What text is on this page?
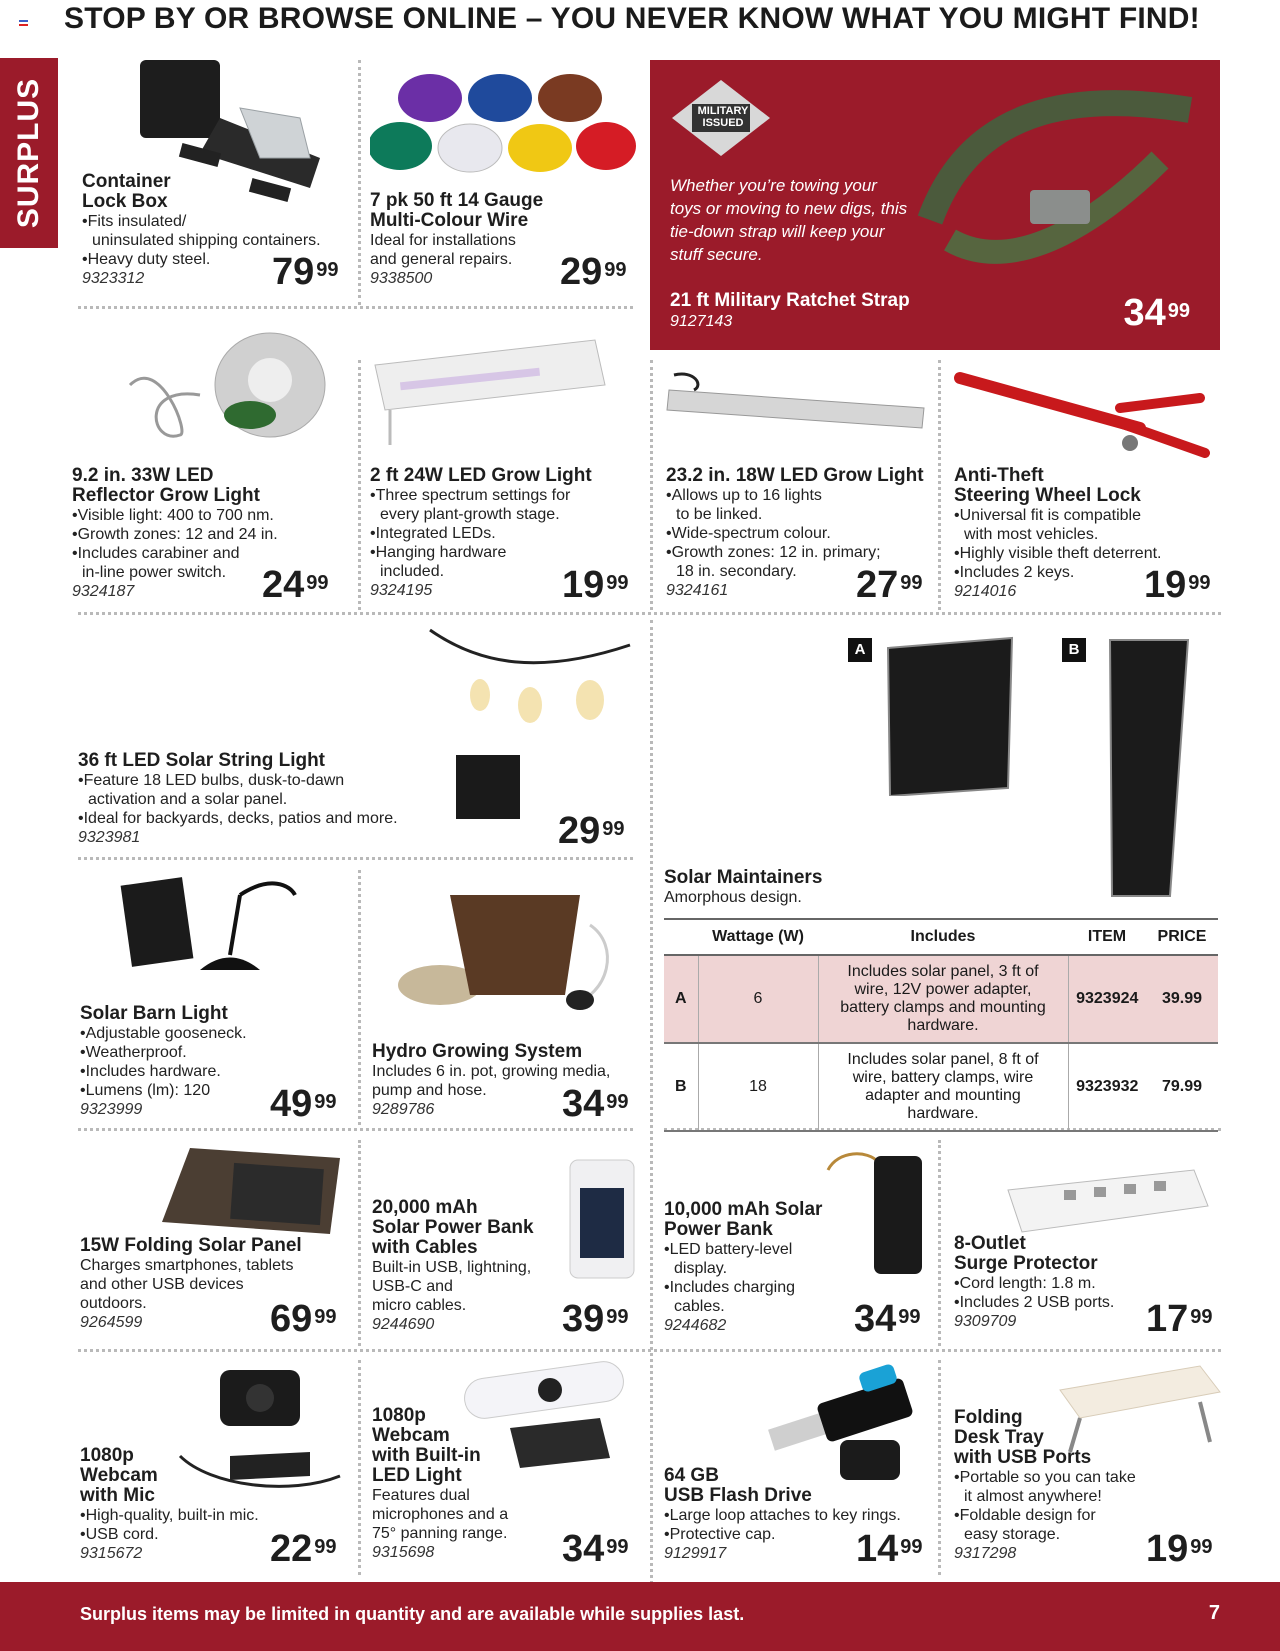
STOP BY OR BROWSE ONLINE – YOU NEVER KNOW WHAT YOU MIGHT FIND!
SURPLUS Container
Lock Box
•Fits insulated/
uninsulated shipping containers.
•Heavy duty steel.
9323312	79 $^{99}$
7 pk 50 ft 14 Gauge
Multi-Colour Wire
Ideal for installations
and general repairs.
9338500	29 $^{99}$
MILITARY
ISSUED
Whether you’re towing your toys or moving to new digs, this tie-down strap will keep your stuff secure.
21 ft Military Ratchet Strap
9127143	34 $^{99}$
9.2 in. 33W LED
Reflector Grow Light
•Visible light: 400 to 700 nm.
•Growth zones: 12 and 24 in.
•Includes carabiner and
in-line power switch.
9324187	24 $^{99}$
2 ft 24W LED Grow Light
•Three spectrum settings for
every plant-growth stage.
•Integrated LEDs.
•Hanging hardware
included.
9324195	19 $^{99}$
23.2 in. 18W LED Grow Light
•Allows up to 16 lights
to be linked.
•Wide-spectrum colour.
•Growth zones: 12 in. primary;
18 in. secondary.
9324161	27 $^{99}$
Anti-Theft
Steering Wheel Lock
•Universal fit is compatible
with most vehicles.
•Highly visible theft deterrent.
•Includes 2 keys.
9214016	19 $^{99}$
36 ft LED Solar String Light
•Feature 18 LED bulbs, dusk-to-dawn
activation and a solar panel.
•Ideal for backyards, decks, patios and more.
9323981	29 $^{99}$
A	B
Solar Maintainers
Amorphous design.
	Wattage (W)	Includes	ITEM	PRICE
A	6	Includes solar panel, 3 ft of wire, 12V power adapter, battery clamps and mounting hardware.	9323924	39.99
B	18	Includes solar panel, 8 ft of wire, battery clamps, wire adapter and mounting hardware.	9323932	79.99
Solar Barn Light
•Adjustable gooseneck.
•Weatherproof.
•Includes hardware.
•Lumens (lm): 120
9323999	49 $^{99}$
Hydro Growing System
Includes 6 in. pot, growing media,
pump and hose.
9289786	34 $^{99}$
15W Folding Solar Panel
Charges smartphones, tablets
and other USB devices
outdoors.
9264599	69 $^{99}$
20,000 mAh
Solar Power Bank
with Cables
Built-in USB, lightning,
USB-C and
micro cables.
9244690	39 $^{99}$
10,000 mAh Solar
Power Bank
•LED battery-level
display.
•Includes charging
cables.
9244682	34 $^{99}$
8-Outlet
Surge Protector
•Cord length: 1.8 m.
•Includes 2 USB ports.
9309709	17 $^{99}$
1080p
Webcam
with Mic
•High-quality, built-in mic.
•USB cord.
9315672	22 $^{99}$
1080p
Webcam
with Built-in
LED Light
Features dual
microphones and a
75° panning range.
9315698	34 $^{99}$
64 GB
USB Flash Drive
•Large loop attaches to key rings.
•Protective cap.
9129917	14 $^{99}$
Folding
Desk Tray
with USB Ports
•Portable so you can take
it almost anywhere!
•Foldable design for
easy storage.
9317298	19 $^{99}$
Surplus items may be limited in quantity and are available while supplies last.	7
